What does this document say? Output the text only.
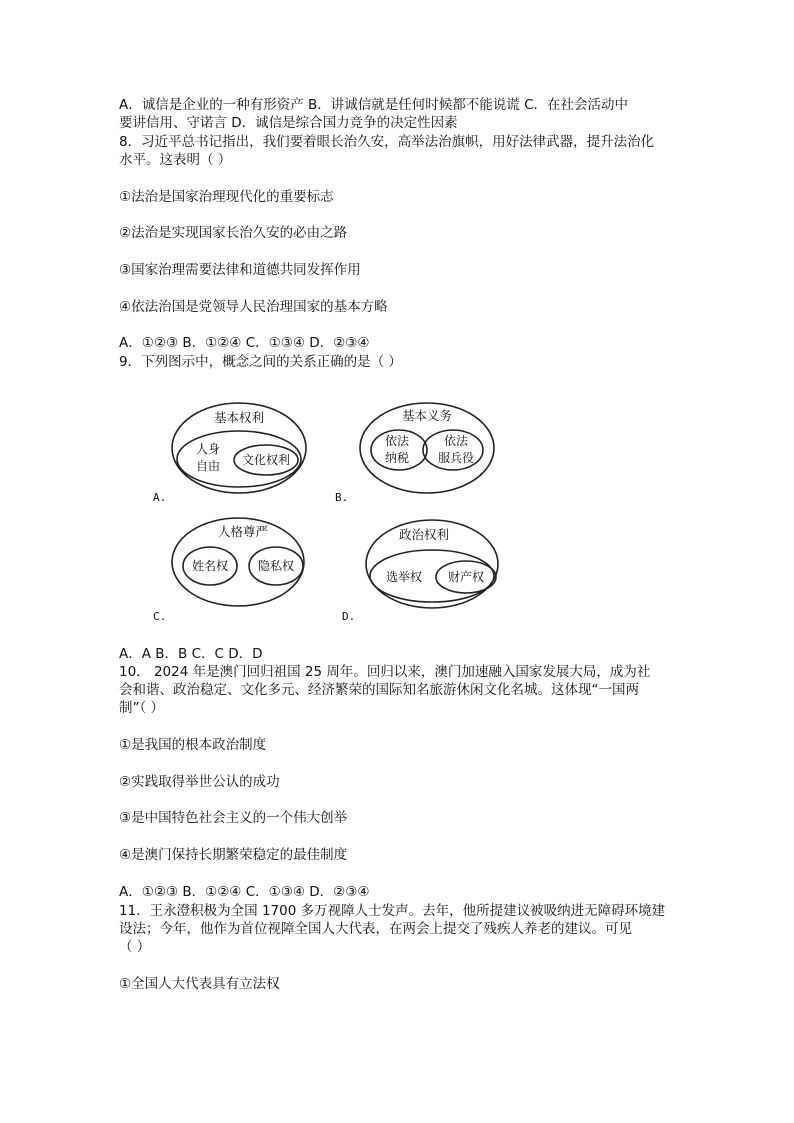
A．诚信是企业的一种有形资产 B．讲诚信就是任何时候都不能说谎 C．在社会活动中
要讲信用、守诺言 D．诚信是综合国力竞争的决定性因素
8．习近平总书记指出，我们要着眼长治久安，高举法治旗帜，用好法律武器，提升法治化
水平。这表明（ ）
①法治是国家治理现代化的重要标志
②法治是实现国家长治久安的必由之路
③国家治理需要法律和道德共同发挥作用
④依法治国是党领导人民治理国家的基本方略
A．①②③ B．①②④ C．①③④ D．②③④
9．下列图示中，概念之间的关系正确的是（ ）
基本权利
人身
自由 文化权利
A.
基本义务
依法
纳税
依法
服兵役
B.
人格尊严
姓名权 隐私权
C.
政治权利
选举权 财产权
D.
A．A B．B C．C D．D
10． 2024 年是澳门回归祖国 25 周年。回归以来，澳门加速融入国家发展大局，成为社
会和谐、政治稳定、文化多元、经济繁荣的国际知名旅游休闲文化名城。这体现“一国两
制”（ ）
①是我国的根本政治制度
②实践取得举世公认的成功
③是中国特色社会主义的一个伟大创举
④是澳门保持长期繁荣稳定的最佳制度
A．①②③ B．①②④ C．①③④ D．②③④
11．王永澄积极为全国 1700 多万视障人士发声。去年，他所提建议被吸纳进无障碍环境建
设法；今年，他作为首位视障全国人大代表，在两会上提交了残疾人养老的建议。可见
（ ）
①全国人大代表具有立法权
